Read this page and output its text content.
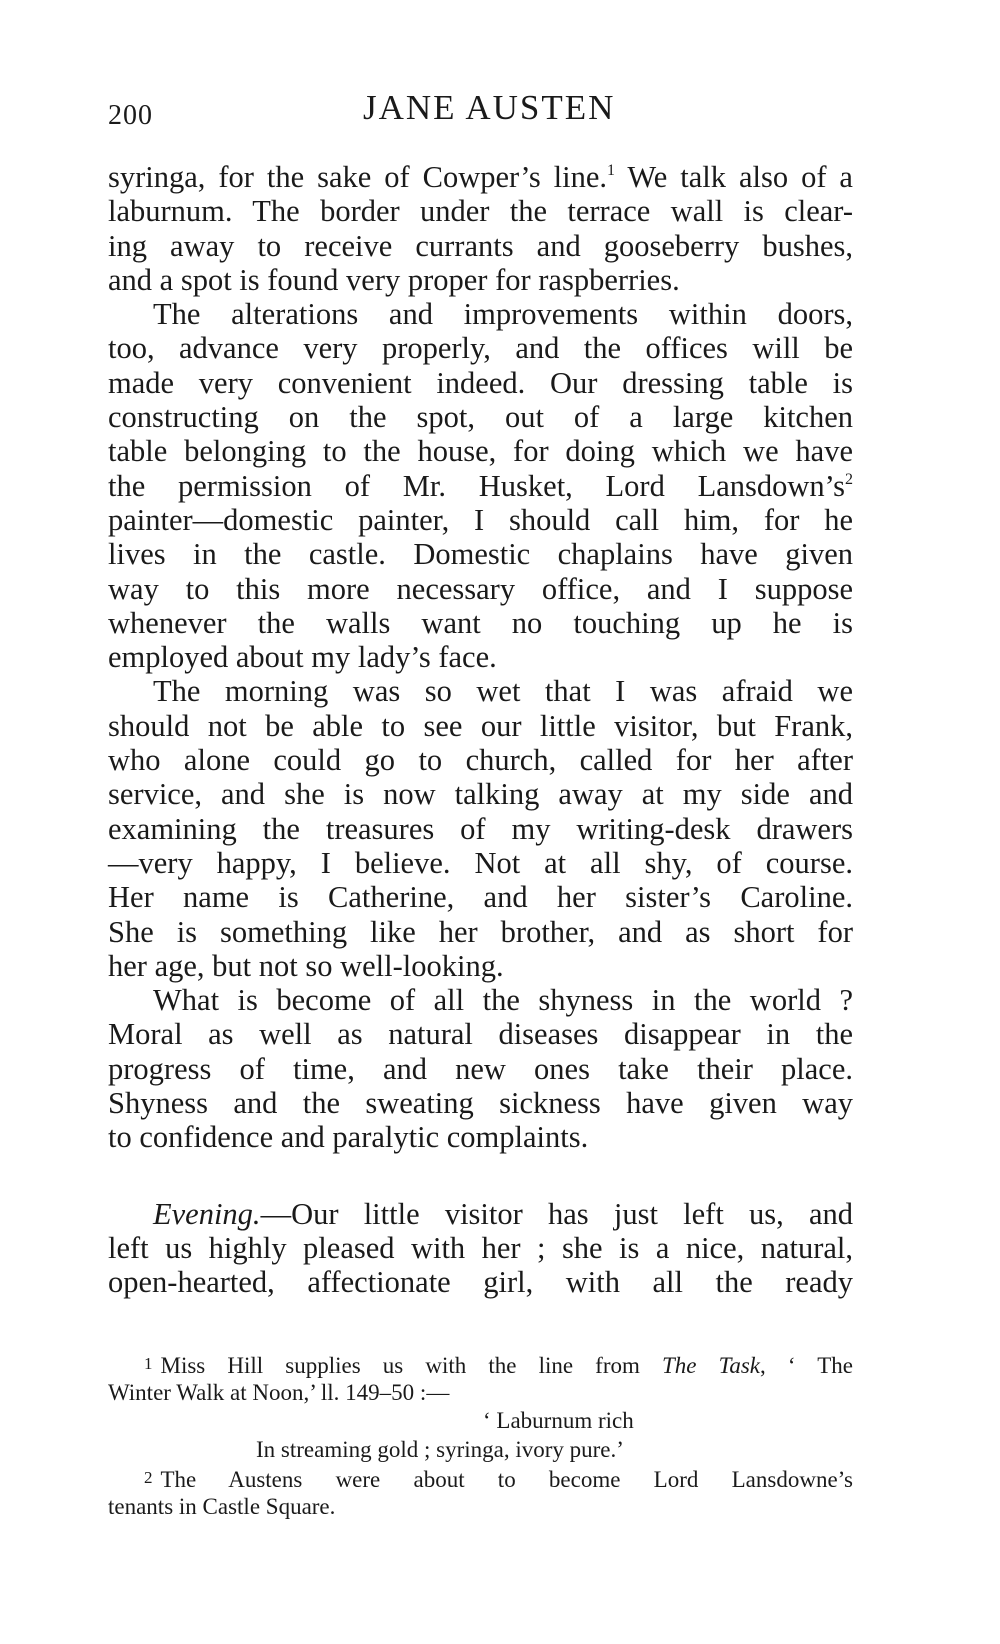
200	JANE AUSTEN
syringa, for the sake of Cowper’s line.$^1$ We talk also of a
laburnum. The border under the terrace wall is clear-
ing away to receive currants and gooseberry bushes,
and a spot is found very proper for raspberries.
The alterations and improvements within doors,
too, advance very properly, and the offices will be
made very convenient indeed. Our dressing table is
constructing on the spot, out of a large kitchen
table belonging to the house, for doing which we have
the permission of Mr. Husket, Lord $Lansdown’s^2$
painter—domestic painter, I should call him, for he
lives in the castle. Domestic chaplains have given
way to this more necessary office, and I suppose
whenever the walls want no touching up he is
employed about my lady’s face.
The morning was so wet that I was afraid we
should not be able to see our little visitor, but Frank,
who alone could go to church, called for her after
service, and she is now talking away at my side and
examining the treasures of my writing-desk drawers
—very happy, I believe. Not at all shy, of course.
Her name is Catherine, and her sister’s Caroline.
She is something like her brother, and as short for
her age, but not so well-looking.
What is become of all the shyness in the world ?
Moral as well as natural diseases disappear in the
progress of time, and new ones take their place.
Shyness and the sweating sickness have given way
to confidence and paralytic complaints.
Evening.—Our little visitor has just left us, and
left us highly pleased with her ; she is a nice, natural,
open-hearted, affectionate girl, with all the ready
1 Miss Hill supplies us with the line from The Task, ‘ The
Winter Walk at Noon,’ ll. 149–50 :—
‘ Laburnum rich
In streaming gold ; syringa, ivory pure.’
2 The Austens were about to become Lord Lansdowne’s
tenants in Castle Square.
